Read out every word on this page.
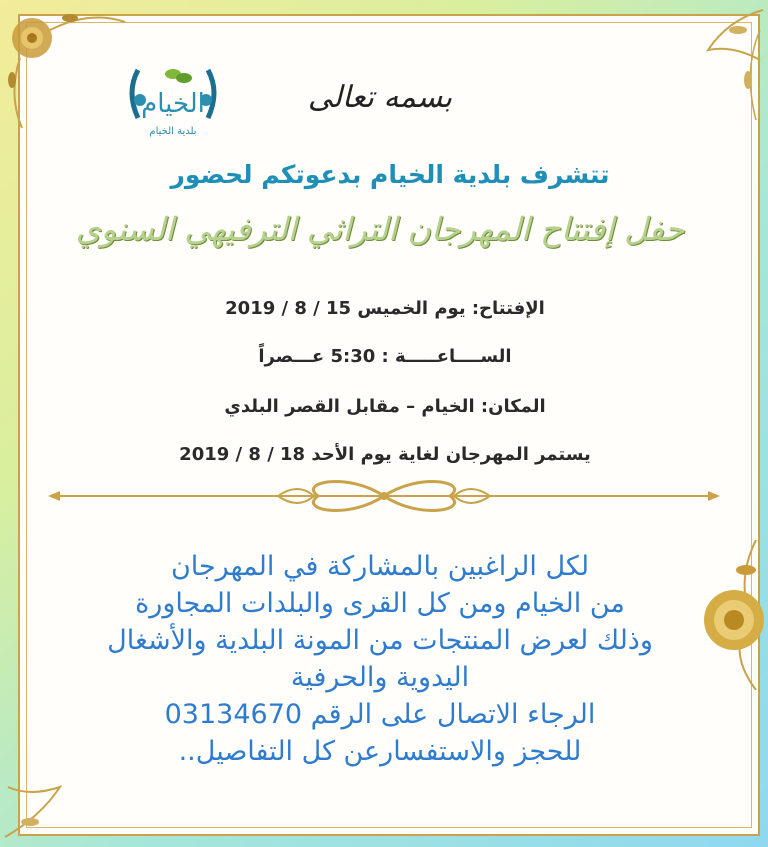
الخيام
بلدية الخيام
بسمه تعالى
تتشرف بلدية الخيام بدعوتكم لحضور
حفل إفتتاح المهرجان التراثي الترفيهي السنوي
الإفتتاح: يوم الخميس 15 / 8 / 2019
الســــاعـــــة : 5:30 عـــصراً
المكان: الخيام – مقابل القصر البلدي
يستمر المهرجان لغاية يوم الأحد 18 / 8 / 2019
لكل الراغبين بالمشاركة في المهرجان
من الخيام ومن كل القرى والبلدات المجاورة
وذلك لعرض المنتجات من المونة البلدية والأشغال
اليدوية والحرفية
الرجاء الاتصال على الرقم 03134670
للحجز والاستفسارعن كل التفاصيل..
